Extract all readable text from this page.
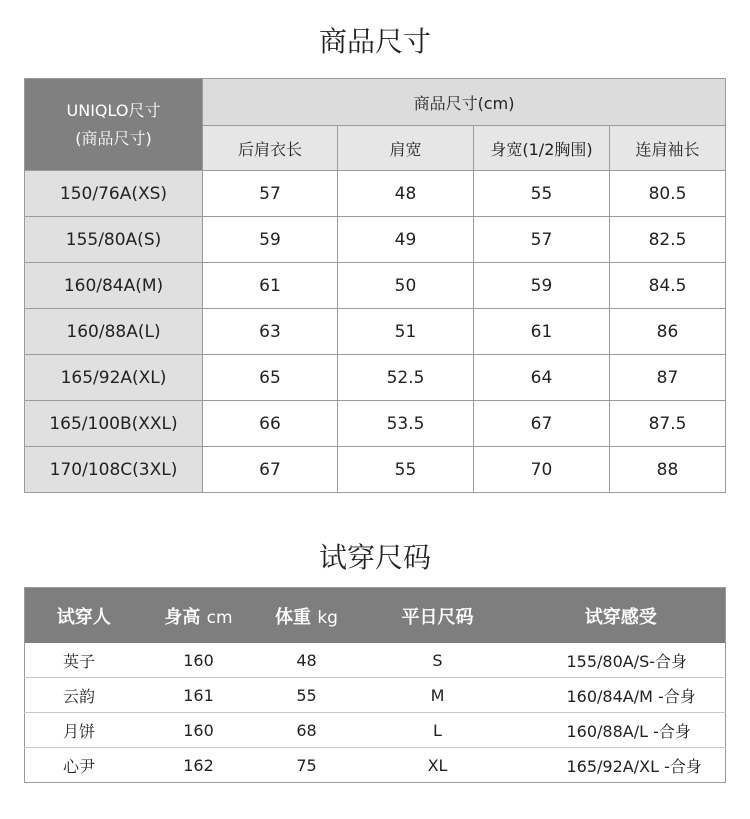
商品尺寸
UNIQLO尺寸
(商品尺寸)	商品尺寸(cm)			
	后肩衣长	肩宽	身宽(1/2胸围)	连肩袖长
150/76A(XS)	57	48	55	80.5
155/80A(S)	59	49	57	82.5
160/84A(M)	61	50	59	84.5
160/88A(L)	63	51	61	86
165/92A(XL)	65	52.5	64	87
165/100B(XXL)	66	53.5	67	87.5
170/108C(3XL)	67	55	70	88
试穿尺码
试穿人	身高 cm	体重 kg	平日尺码	试穿感受
英子	160	48	S	155/80A/S-合身
云韵	161	55	M	160/84A/M -合身
月饼	160	68	L	160/88A/L -合身
心尹	162	75	XL	165/92A/XL -合身
